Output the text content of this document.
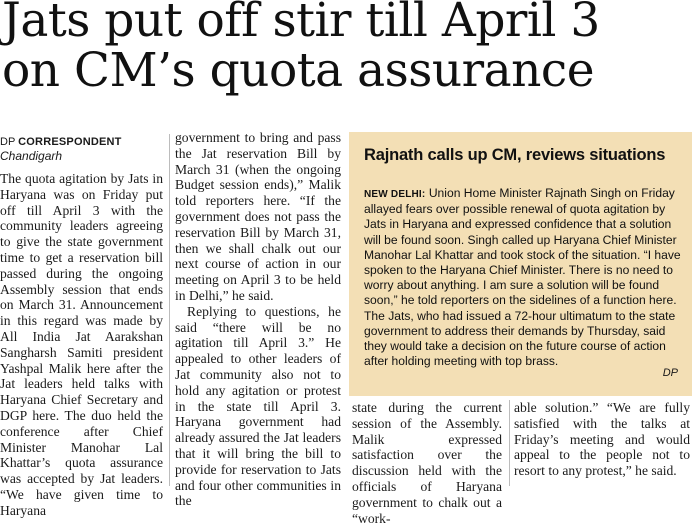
Jats put off stir till April 3
on CM’s quota assurance
DP CORRESPONDENT
Chandigarh

The quota agitation by Jats in Haryana was on Friday put off till April 3 with the community leaders agreeing to give the state government time to get a reservation bill passed during the ongoing Assembly session that ends on March 31. Announcement in this regard was made by All India Jat Aarakshan Sangharsh Samiti president Yashpal Malik here after the Jat leaders held talks with Haryana Chief Secretary and DGP here. The duo held the conference after Chief Minister Manohar Lal Khattar’s quota assurance was accepted by Jat leaders. “We have given time to Haryana

government to bring and pass the Jat reservation Bill by March 31 (when the ongoing Budget session ends),” Malik told reporters here. “If the government does not pass the reservation Bill by March 31, then we shall chalk out our next course of action in our meeting on April 3 to be held in Delhi,” he said.

Replying to questions, he said “there will be no agitation till April 3.” He appealed to other leaders of Jat community also not to hold any agitation or protest in the state till April 3. Haryana government had already assured the Jat leaders that it will bring the bill to provide for reservation to Jats and four other communities in the

Rajnath calls up CM, reviews situations
NEW DELHI: Union Home Minister Rajnath Singh on Friday allayed fears over possible renewal of quota agitation by Jats in Haryana and expressed confidence that a solution will be found soon. Singh called up Haryana Chief Minister Manohar Lal Khattar and took stock of the situation. “I have spoken to the Haryana Chief Minister. There is no need to worry about anything. I am sure a solution will be found soon,” he told reporters on the sidelines of a function here. The Jats, who had issued a 72-hour ultimatum to the state government to address their demands by Thursday, said they would take a decision on the future course of action after holding meeting with top brass.
DP

state during the current session of the Assembly. Malik expressed satisfaction over the discussion held with the officials of Haryana government to chalk out a “work-

able solution.” “We are fully satisfied with the talks at Friday’s meeting and would appeal to the people not to resort to any protest,” he said.
